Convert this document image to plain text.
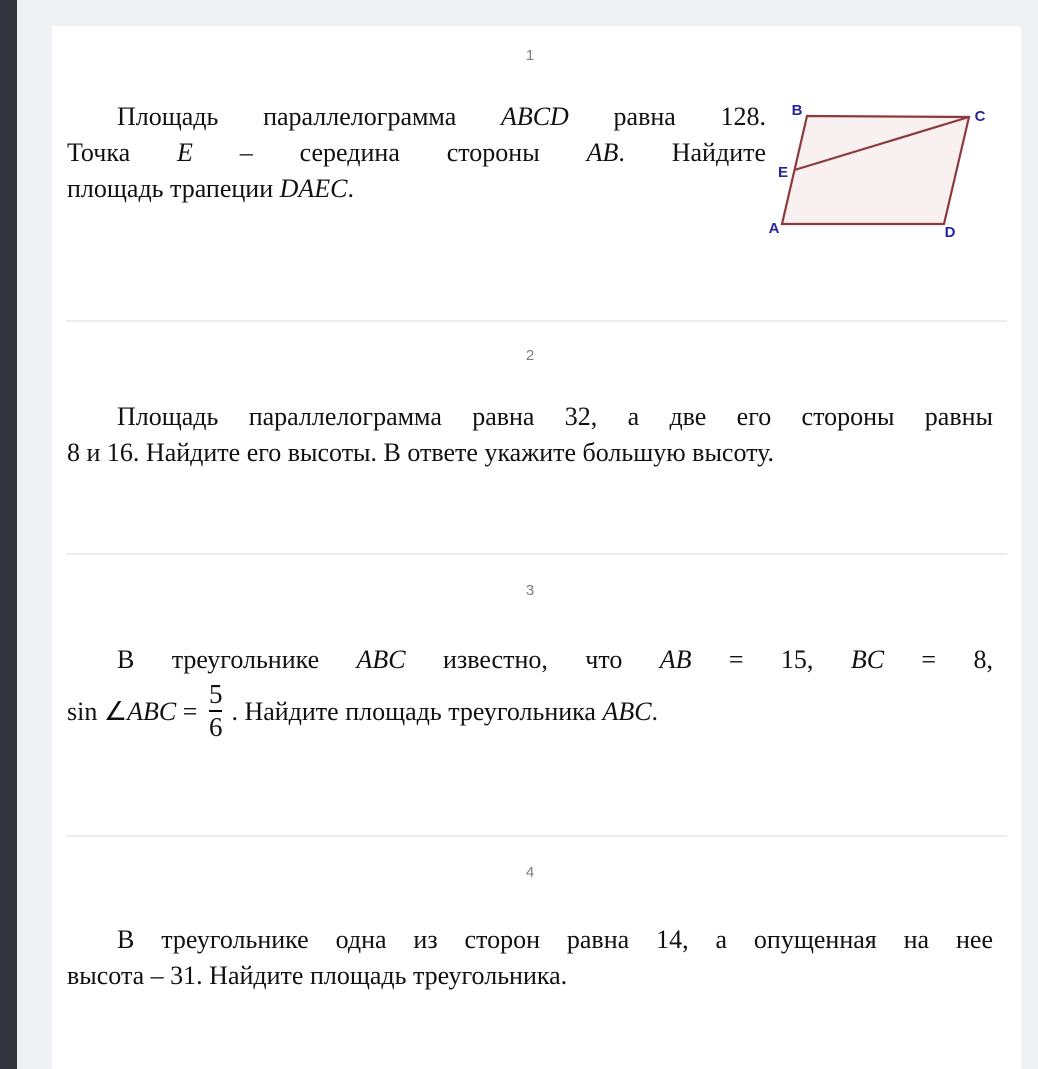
1
Площадь параллелограмма ABCD равна 128.
Точка E – середина стороны AB. Найдите
площадь трапеции DAEC.
B	C
E
A	D
2
Площадь параллелограмма равна 32, а две его стороны равны
8 и 16. Найдите его высоты. В ответе укажите большую высоту.
3
В треугольнике ABC известно, что AB = 15, BC = 8,
sin ∠ABC = $\frac{5}{6}$ . Найдите площадь треугольника ABC.
4
В треугольнике одна из сторон равна 14, а опущенная на нее
высота – 31. Найдите площадь треугольника.
